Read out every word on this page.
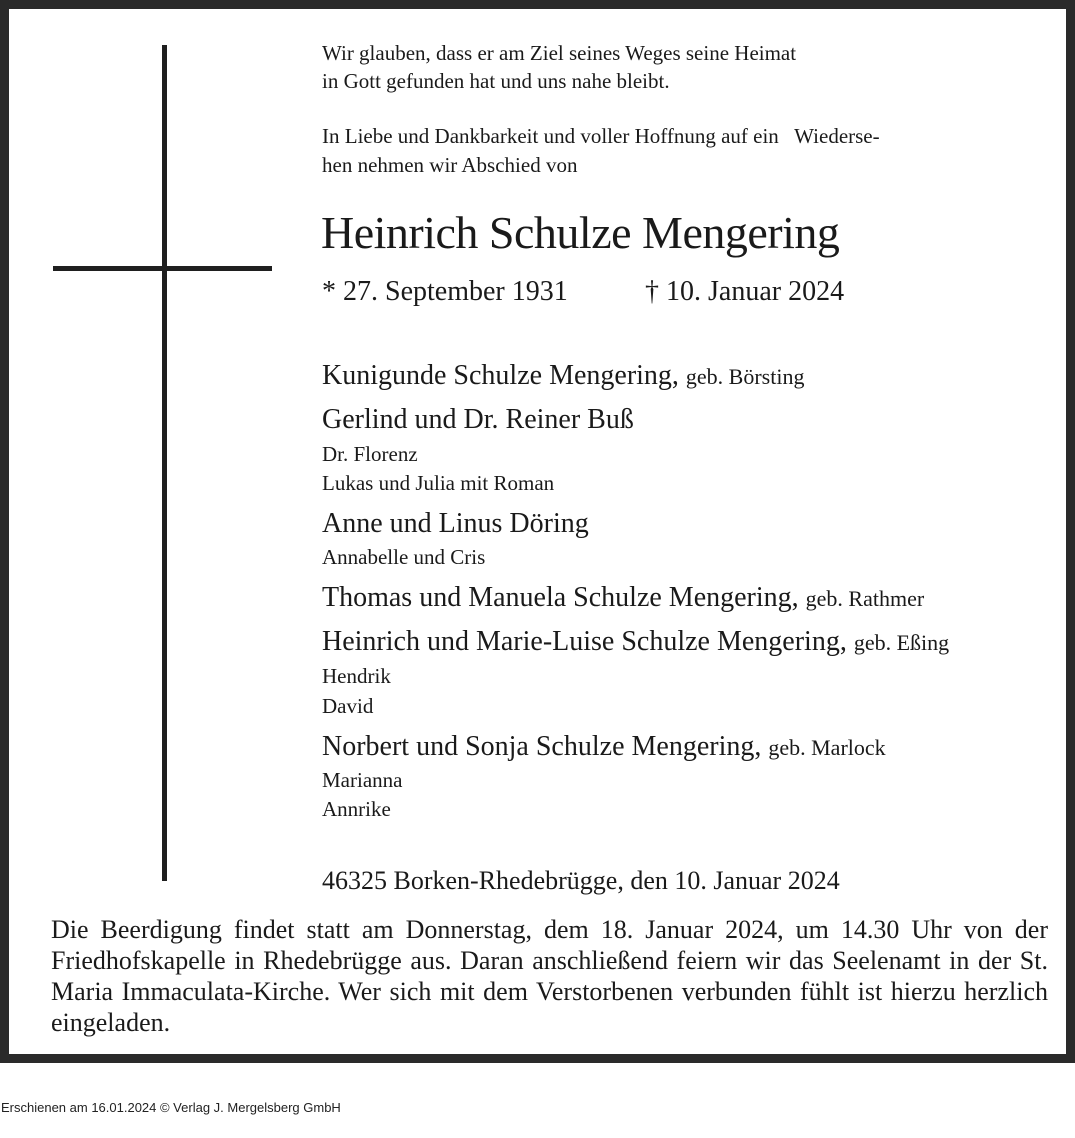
Wir glauben, dass er am Ziel seines Weges seine Heimat

in Gott gefunden hat und uns nahe bleibt.

In Liebe und Dankbarkeit und voller Hoffnung auf ein   Wiederse-

hen nehmen wir Abschied von

Heinrich Schulze Mengering

* 27. September 1931	† 10. Januar 2024

Kunigunde Schulze Mengering, geb. Börsting

Gerlind und Dr. Reiner Buß

Dr. Florenz

Lukas und Julia mit Roman

Anne und Linus Döring

Annabelle und Cris

Thomas und Manuela Schulze Mengering, geb. Rathmer

Heinrich und Marie-Luise Schulze Mengering, geb. Eßing

Hendrik

David

Norbert und Sonja Schulze Mengering, geb. Marlock

Marianna

Annrike

46325 Borken-Rhedebrügge, den 10. Januar 2024

Die Beerdigung findet statt am Donnerstag, dem 18. Januar 2024, um 14.30 Uhr von der Friedhofskapelle in Rhedebrügge aus. Daran anschließend feiern wir das Seelenamt in der St. Maria Immaculata-Kirche. Wer sich mit dem Verstorbenen verbunden fühlt ist hierzu herzlich eingeladen.

Erschienen am 16.01.2024 © Verlag J. Mergelsberg GmbH
